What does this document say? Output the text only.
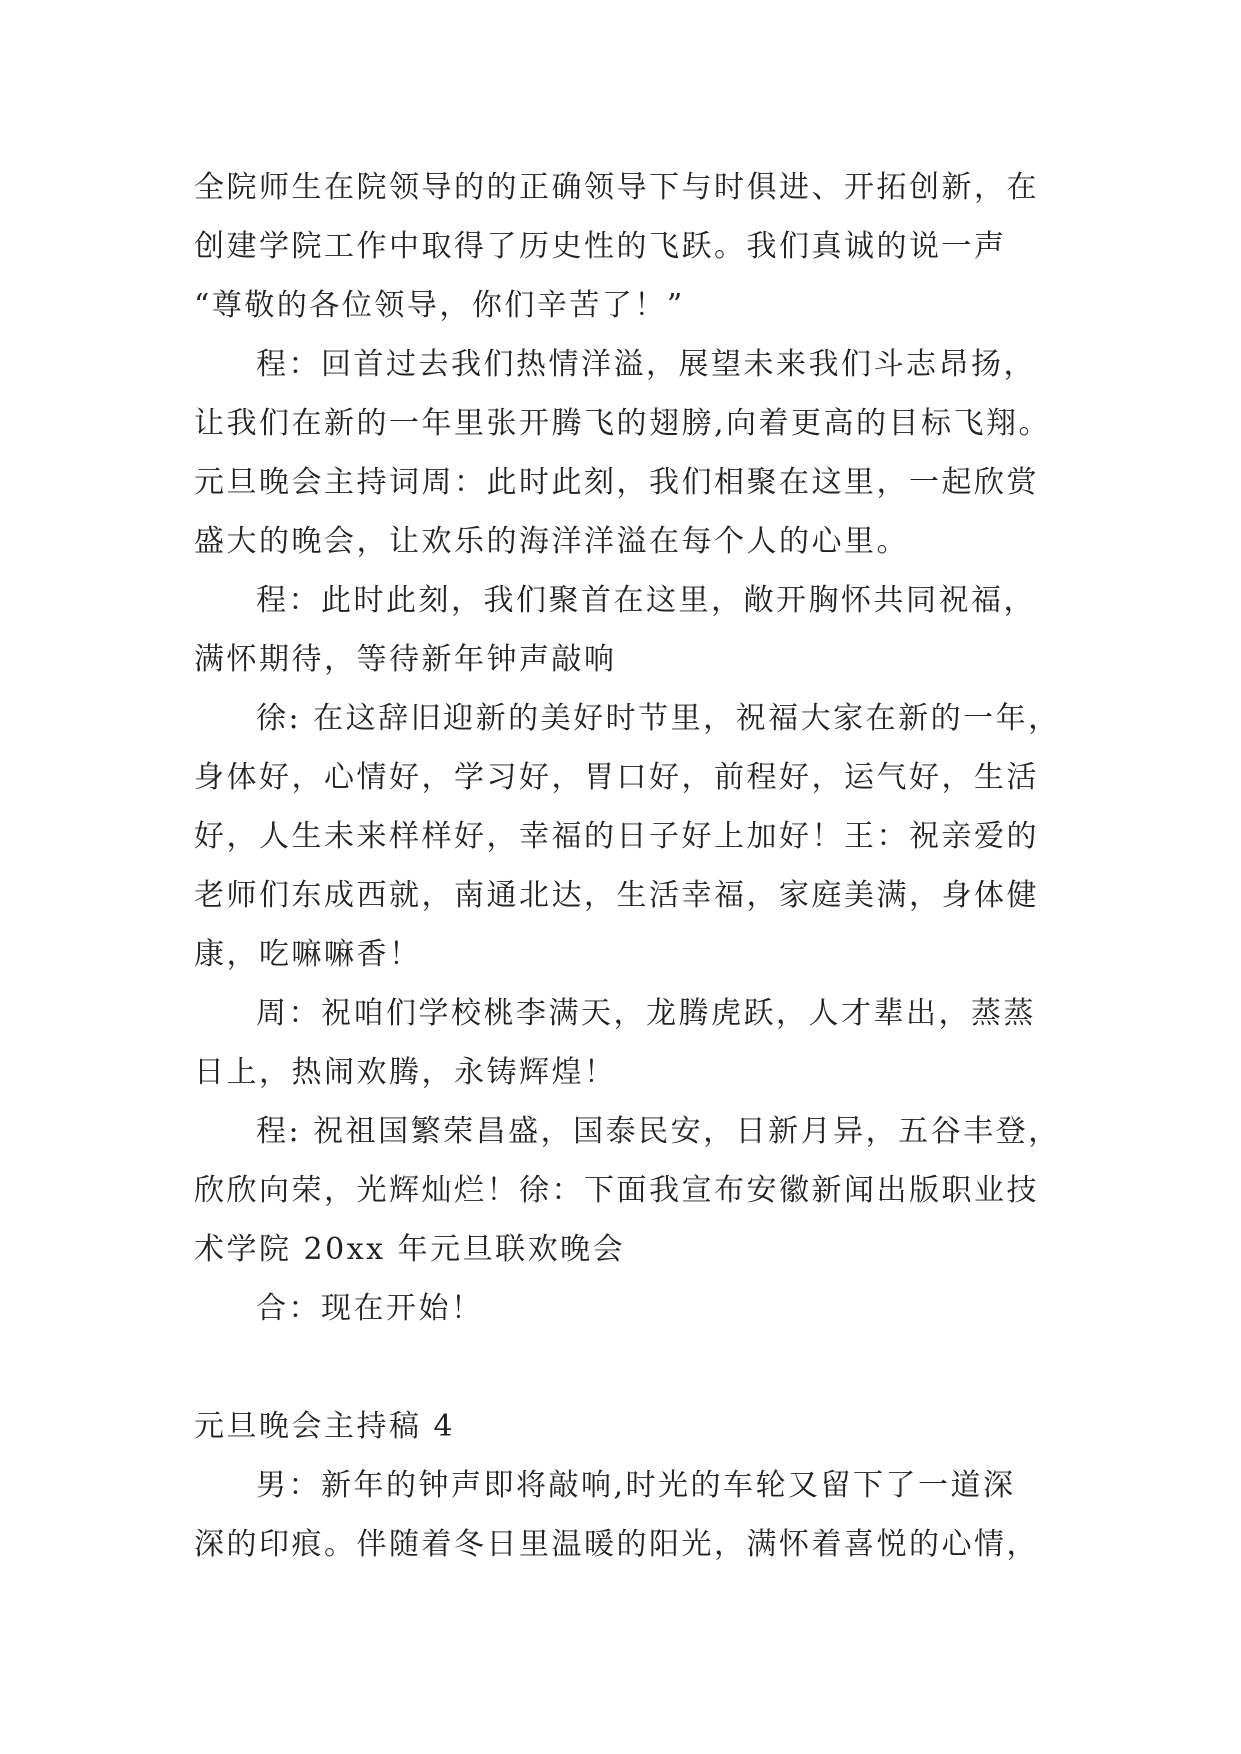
全院师生在院领导的的正确领导下与时俱进、开拓创新，在
创建学院工作中取得了历史性的飞跃。我们真诚的说一声
“尊敬的各位领导，你们辛苦了！”
程：回首过去我们热情洋溢，展望未来我们斗志昂扬，
让我们在新的一年里张开腾飞的翅膀,向着更高的目标飞翔。
元旦晚会主持词周：此时此刻，我们相聚在这里，一起欣赏
盛大的晚会，让欢乐的海洋洋溢在每个人的心里。
程：此时此刻，我们聚首在这里，敞开胸怀共同祝福，
满怀期待，等待新年钟声敲响
徐: 在这辞旧迎新的美好时节里，祝福大家在新的一年，
身体好，心情好，学习好，胃口好，前程好，运气好，生活
好，人生未来样样好，幸福的日子好上加好！王：祝亲爱的
老师们东成西就，南通北达，生活幸福，家庭美满，身体健
康，吃嘛嘛香！
周：祝咱们学校桃李满天，龙腾虎跃，人才辈出，蒸蒸
日上，热闹欢腾，永铸辉煌！
程: 祝祖国繁荣昌盛，国泰民安，日新月异，五谷丰登，
欣欣向荣，光辉灿烂！徐：下面我宣布安徽新闻出版职业技
术学院 20xx 年元旦联欢晚会
合：现在开始！
元旦晚会主持稿 4
男：新年的钟声即将敲响,时光的车轮又留下了一道深
深的印痕。伴随着冬日里温暖的阳光，满怀着喜悦的心情，
